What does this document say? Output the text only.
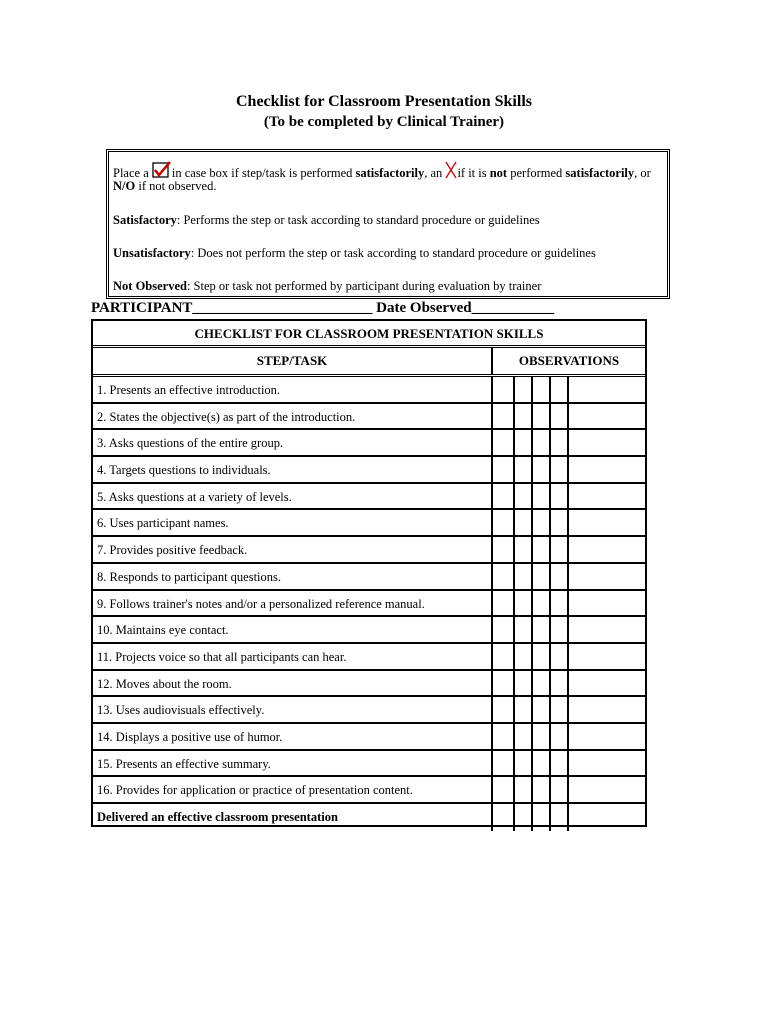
Checklist for Classroom Presentation Skills
(To be completed by Clinical Trainer)
Place a in case box if step/task is performed satisfactorily, an if it is not performed satisfactorily, or
N/O if not observed.
Satisfactory: Performs the step or task according to standard procedure or guidelines
Unsatisfactory: Does not perform the step or task according to standard procedure or guidelines
Not Observed: Step or task not performed by participant during evaluation by trainer
PARTICIPANT________________________ Date Observed___________
CHECKLIST FOR CLASSROOM PRESENTATION SKILLS
STEP/TASK	OBSERVATIONS
1. Presents an effective introduction.
2. States the objective(s) as part of the introduction.
3. Asks questions of the entire group.
4. Targets questions to individuals.
5. Asks questions at a variety of levels.
6. Uses participant names.
7. Provides positive feedback.
8. Responds to participant questions.
9. Follows trainer's notes and/or a personalized reference manual.
10. Maintains eye contact.
11. Projects voice so that all participants can hear.
12. Moves about the room.
13. Uses audiovisuals effectively.
14. Displays a positive use of humor.
15. Presents an effective summary.
16. Provides for application or practice of presentation content.
Delivered an effective classroom presentation
